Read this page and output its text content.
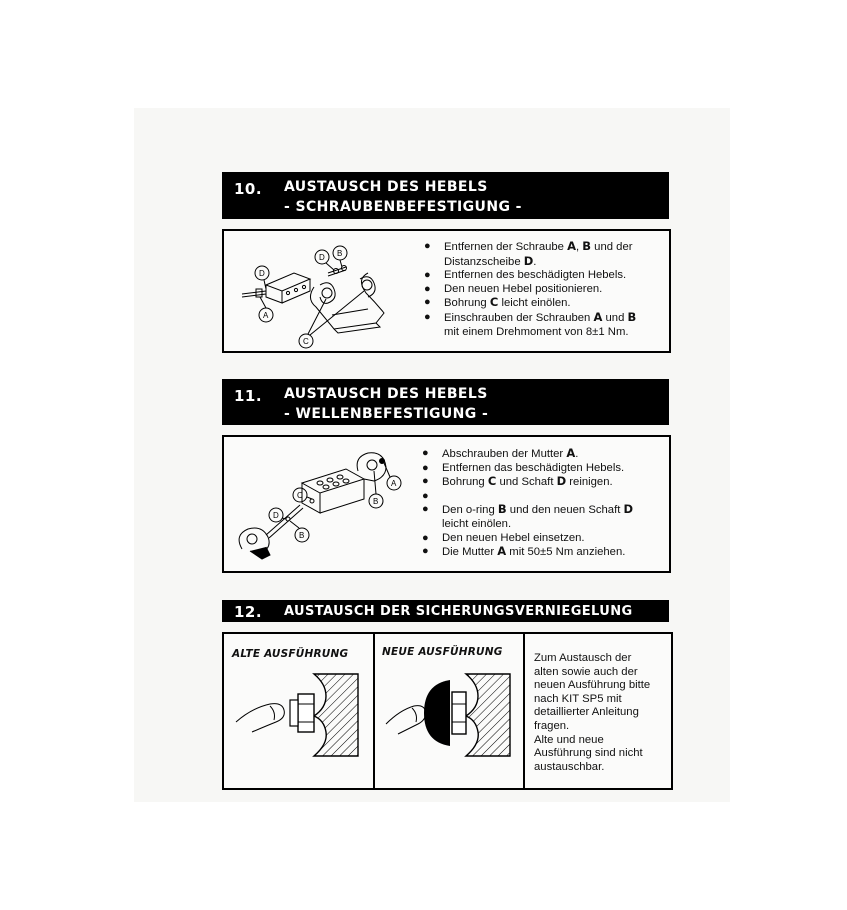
10. AUSTAUSCH DES HEBELS
- SCHRAUBENBEFESTIGUNG -
D B
D
A
C
● Entfernen der Schraube A, B und der
Distanzscheibe D.
● Entfernen des beschädigten Hebels.
● Den neuen Hebel positionieren.
● Bohrung C leicht einölen.
● Einschrauben der Schrauben A und B
mit einem Drehmoment von 8±1 Nm.
11. AUSTAUSCH DES HEBELS
- WELLENBEFESTIGUNG -
C
D
B
B
A
● Abschrauben der Mutter A.
● Entfernen das beschädigten Hebels.
● Bohrung C und Schaft D reinigen.
●
● Den o-ring B und den neuen Schaft D
leicht einölen.
● Den neuen Hebel einsetzen.
● Die Mutter A mit 50±5 Nm anziehen.
12. AUSTAUSCH DER SICHERUNGSVERNIEGELUNG
ALTE AUSFÜHRUNG	NEUE AUSFÜHRUNG	Zum Austausch der
alten sowie auch der
neuen Ausführung bitte
nach KIT SP5 mit
detaillierter Anleitung
fragen.
Alte und neue
Ausführung sind nicht
austauschbar.
